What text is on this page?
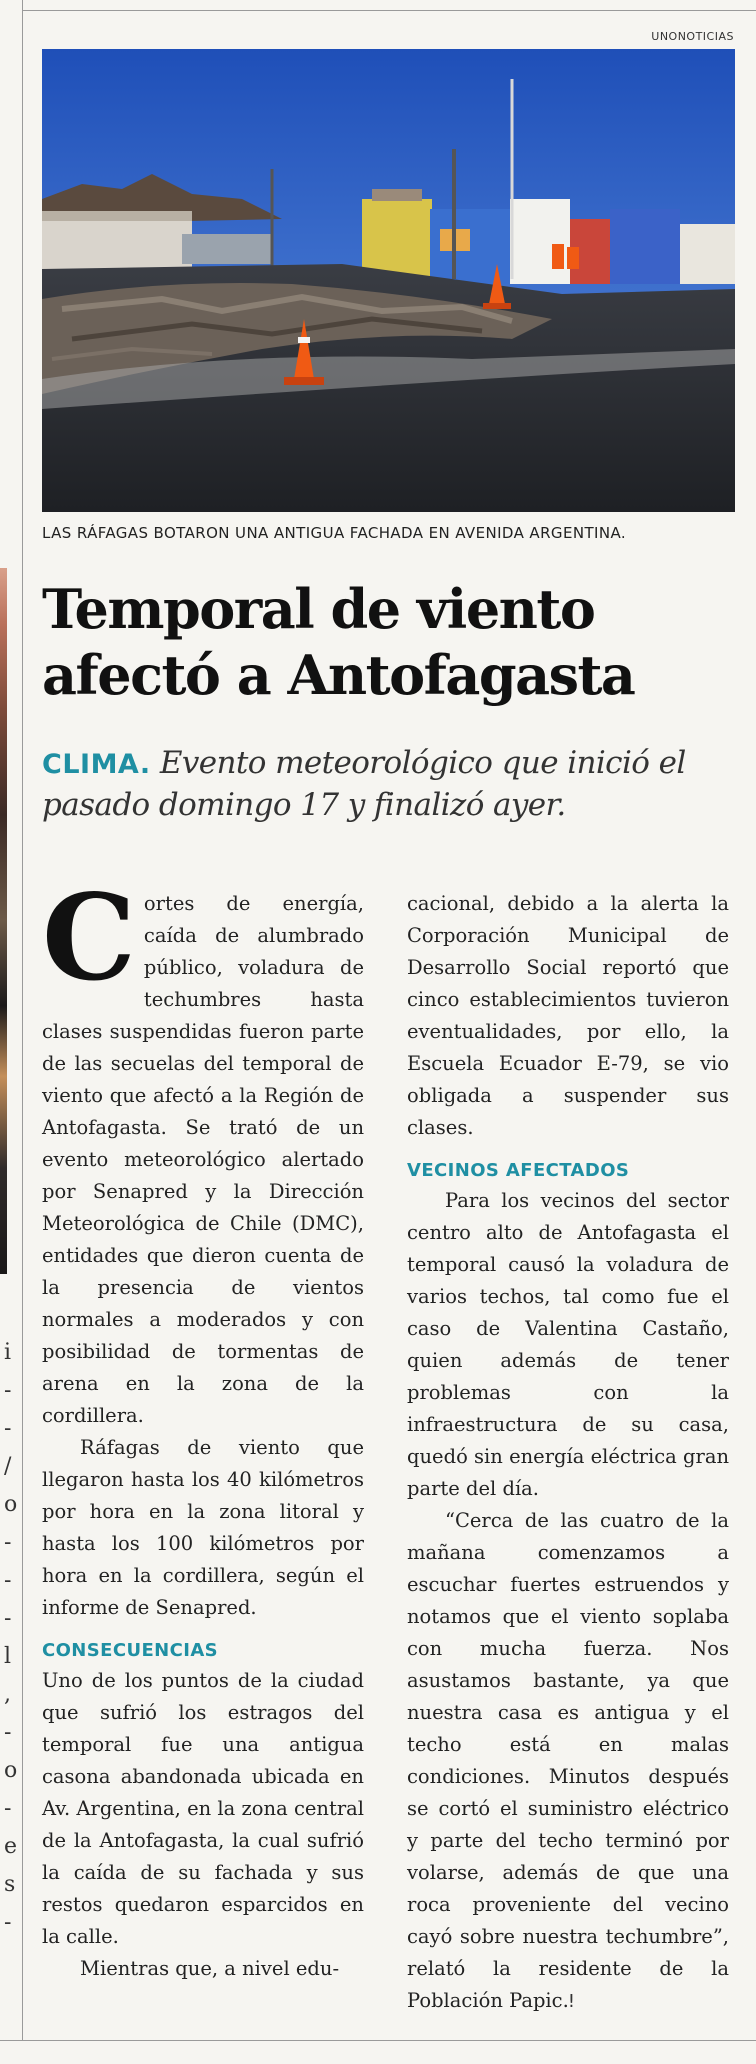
i
-
-
/
o
-
-
-
l
,
-
o
-
e
s
-
UNONOTICIAS
LAS RÁFAGAS BOTARON UNA ANTIGUA FACHADA EN AVENIDA ARGENTINA.
Temporal de viento
afectó a Antofagasta
CLIMA. Evento meteorológico que inició el pasado domingo 17 y finalizó ayer.

Cortes de energía, caída de alumbrado público, voladura de techumbres hasta clases suspendidas fueron parte de las secuelas del temporal de viento que afectó a la Región de Antofagasta. Se trató de un evento meteorológico alertado por Senapred y la Dirección Meteorológica de Chile (DMC), entidades que dieron cuenta de la presencia de vientos normales a moderados y con posibilidad de tormentas de arena en la zona de la cordillera.

Ráfagas de viento que llegaron hasta los 40 kilómetros por hora en la zona litoral y hasta los 100 kilómetros por hora en la cordillera, según el informe de Senapred.

CONSECUENCIAS

Uno de los puntos de la ciudad que sufrió los estragos del temporal fue una antigua casona abandonada ubicada en Av. Argentina, en la zona central de la Antofagasta, la cual sufrió la caída de su fachada y sus restos quedaron esparcidos en la calle.

Mientras que, a nivel edu-

cacional, debido a la alerta la Corporación Municipal de Desarrollo Social reportó que cinco establecimientos tuvieron eventualidades, por ello, la Escuela Ecuador E-79, se vio obligada a suspender sus clases.

VECINOS AFECTADOS

Para los vecinos del sector centro alto de Antofagasta el temporal causó la voladura de varios techos, tal como fue el caso de Valentina Castaño, quien además de tener problemas con la infraestructura de su casa, quedó sin energía eléctrica gran parte del día.

“Cerca de las cuatro de la mañana comenzamos a escuchar fuertes estruendos y notamos que el viento soplaba con mucha fuerza. Nos asustamos bastante, ya que nuestra casa es antigua y el techo está en malas condiciones. Minutos después se cortó el suministro eléctrico y parte del techo terminó por volarse, además de que una roca proveniente del vecino cayó sobre nuestra techumbre”, relató la residente de la Población Papic.ǃ
